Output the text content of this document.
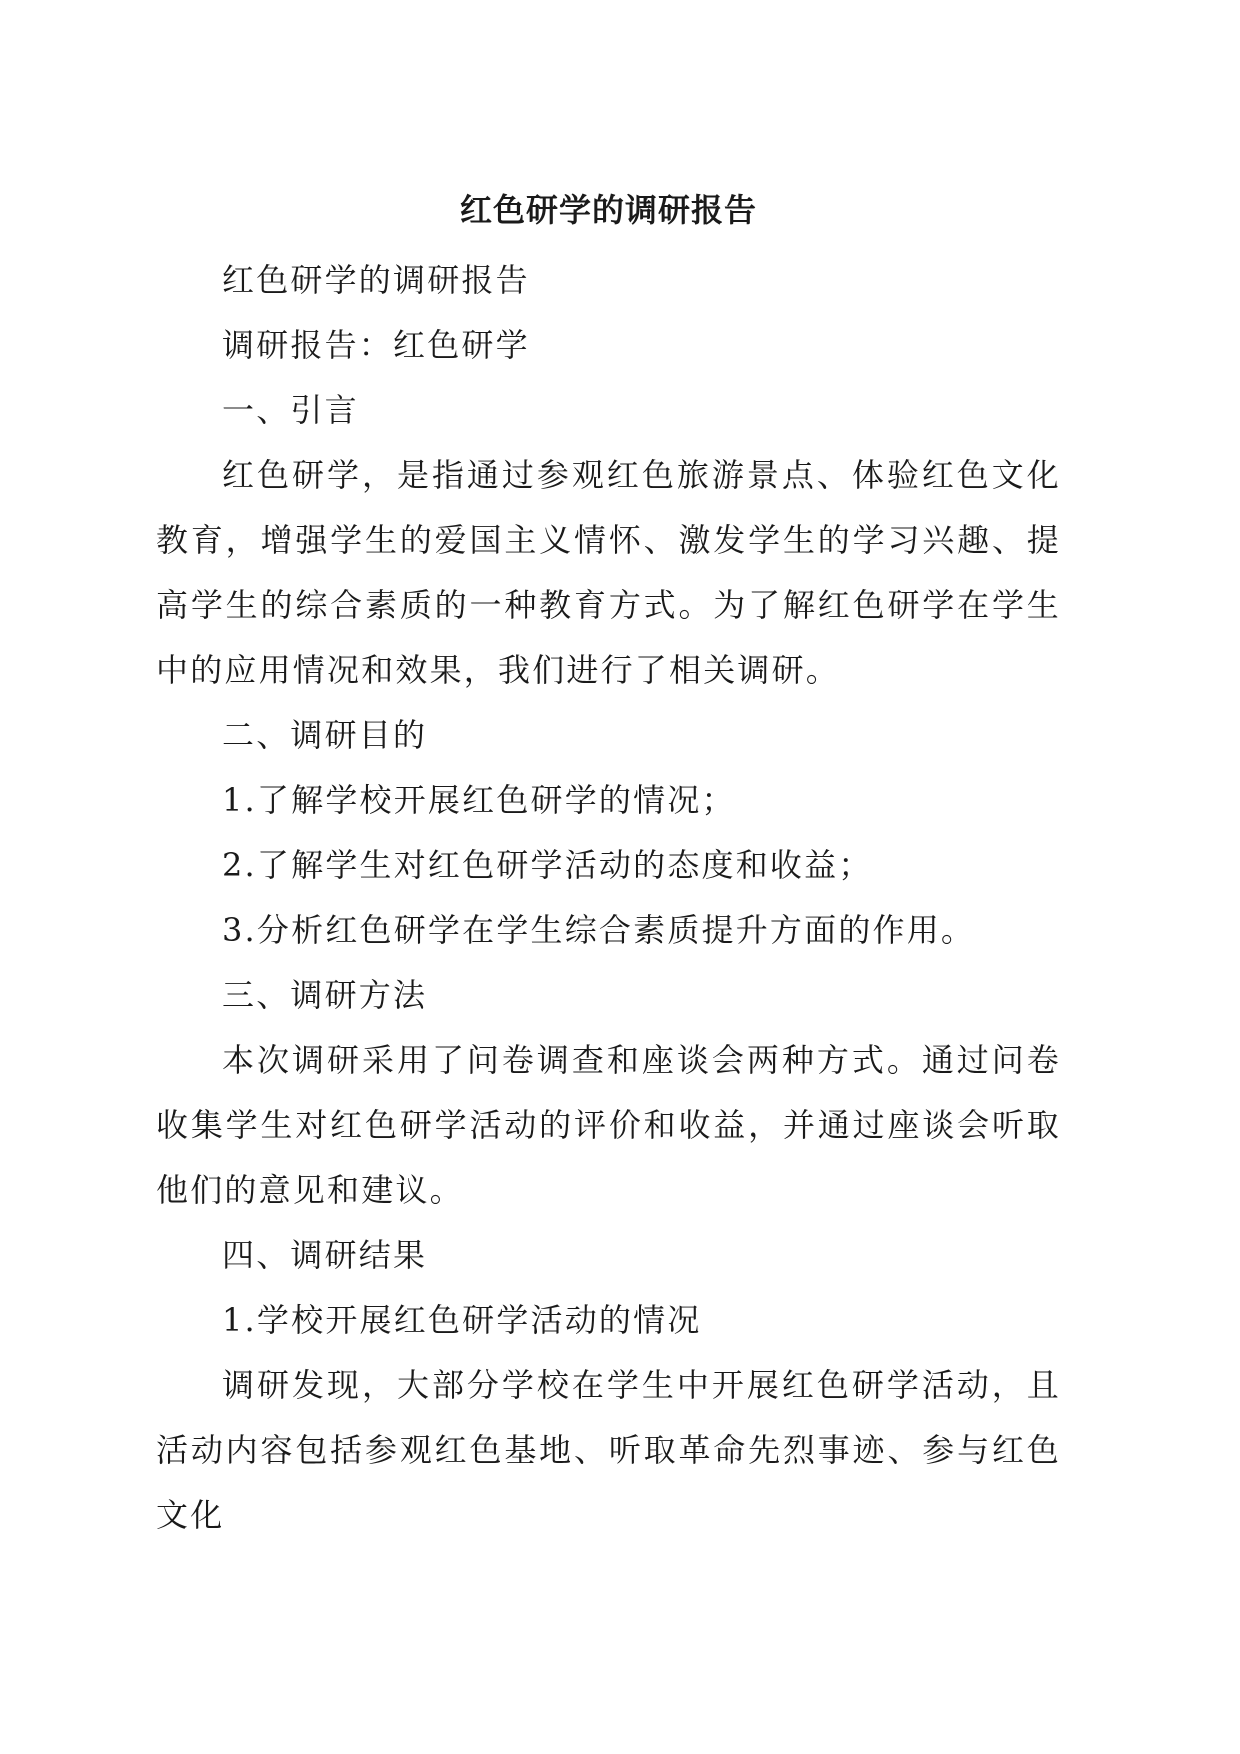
红色研学的调研报告

红色研学的调研报告

调研报告：红色研学

一、引言

红色研学，是指通过参观红色旅游景点、体验红色文化教育，增强学生的爱国主义情怀、激发学生的学习兴趣、提高学生的综合素质的一种教育方式。为了解红色研学在学生中的应用情况和效果，我们进行了相关调研。

二、调研目的

1.了解学校开展红色研学的情况；

2.了解学生对红色研学活动的态度和收益；

3.分析红色研学在学生综合素质提升方面的作用。

三、调研方法

本次调研采用了问卷调查和座谈会两种方式。通过问卷收集学生对红色研学活动的评价和收益，并通过座谈会听取他们的意见和建议。

四、调研结果

1.学校开展红色研学活动的情况

调研发现，大部分学校在学生中开展红色研学活动，且活动内容包括参观红色基地、听取革命先烈事迹、参与红色文化
